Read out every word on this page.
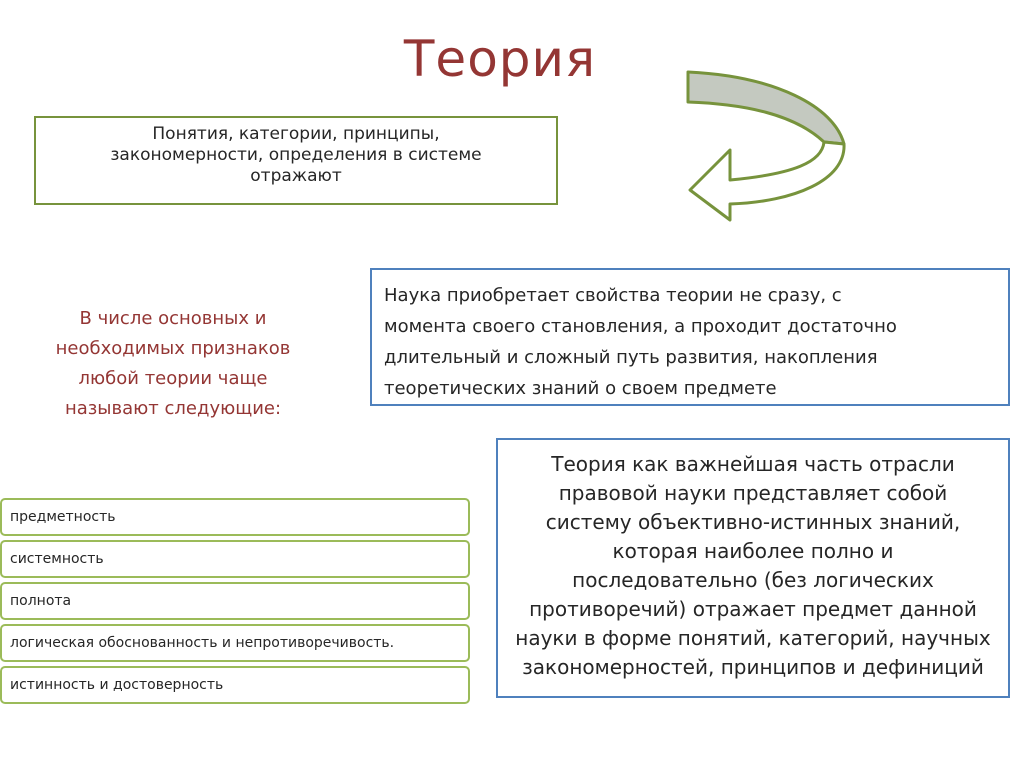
Теория
Понятия, категории, принципы,
закономерности, определения в системе
отражают
Наука приобретает свойства теории не сразу, с
момента своего становления, а проходит достаточно
длительный и сложный путь развития, накопления
теоретических знаний о своем предмете
В числе основных и
необходимых признаков
любой теории чаще
называют следующие:
Теория как важнейшая часть отрасли
правовой науки представляет собой
систему объективно-истинных знаний,
которая наиболее полно и
последовательно (без логических
противоречий) отражает предмет данной
науки в форме понятий, категорий, научных
закономерностей, принципов и дефиниций
предметность
системность
полнота
логическая обоснованность и непротиворечивость.
истинность и достоверность
